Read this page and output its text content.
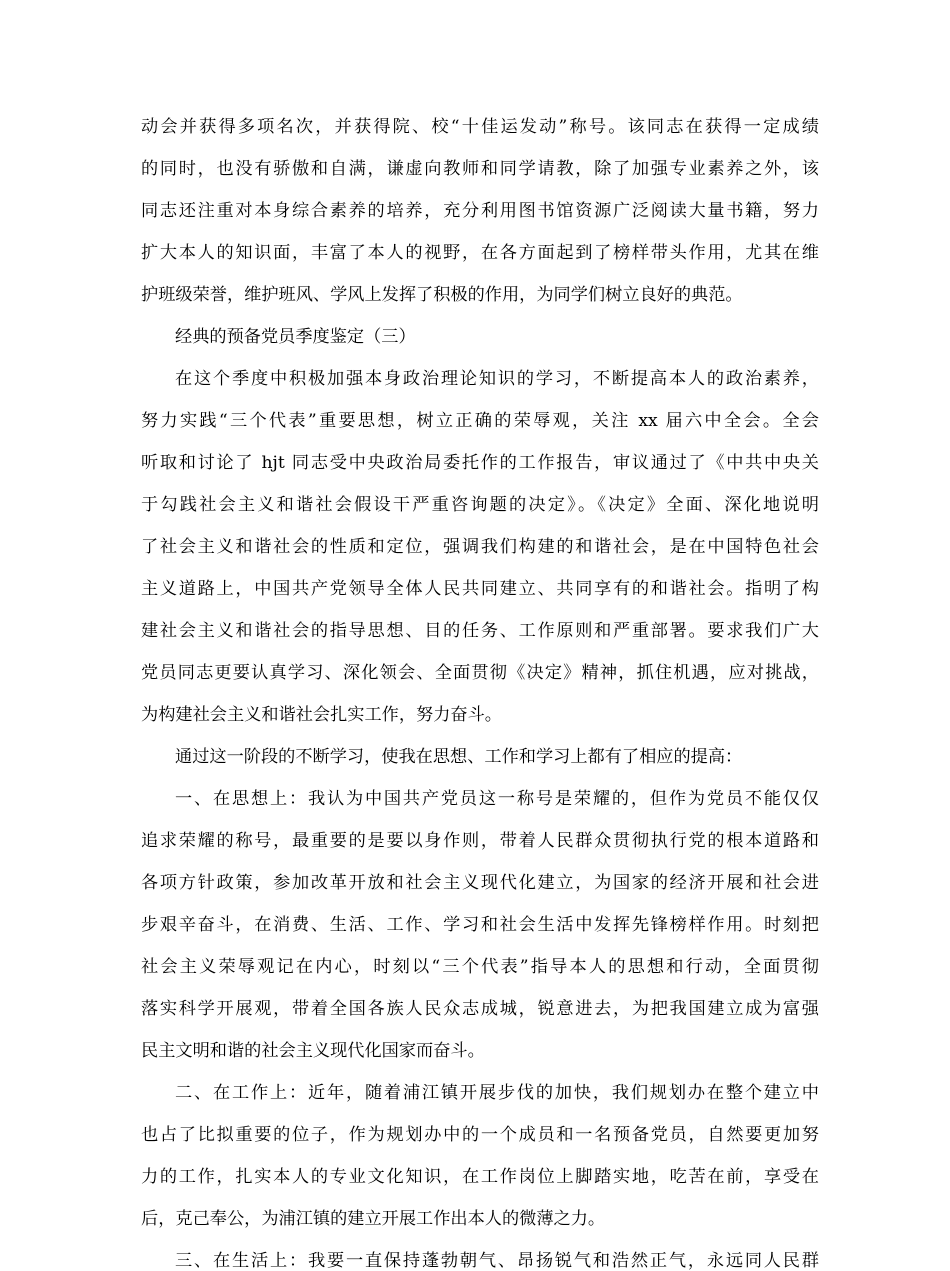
动会并获得多项名次，并获得院、校“十佳运发动”称号。该同志在获得一定成绩
的同时，也没有骄傲和自满，谦虚向教师和同学请教，除了加强专业素养之外，该
同志还注重对本身综合素养的培养，充分利用图书馆资源广泛阅读大量书籍，努力
扩大本人的知识面，丰富了本人的视野，在各方面起到了榜样带头作用，尤其在维
护班级荣誉，维护班风、学风上发挥了积极的作用，为同学们树立良好的典范。
经典的预备党员季度鉴定（三）
在这个季度中积极加强本身政治理论知识的学习，不断提高本人的政治素养，
努力实践“三个代表”重要思想，树立正确的荣辱观，关注 xx 届六中全会。全会
听取和讨论了 hjt 同志受中央政治局委托作的工作报告，审议通过了《中共中央关
于勾践社会主义和谐社会假设干严重咨询题的决定》。《决定》全面、深化地说明
了社会主义和谐社会的性质和定位，强调我们构建的和谐社会，是在中国特色社会
主义道路上，中国共产党领导全体人民共同建立、共同享有的和谐社会。指明了构
建社会主义和谐社会的指导思想、目的任务、工作原则和严重部署。要求我们广大
党员同志更要认真学习、深化领会、全面贯彻《决定》精神，抓住机遇，应对挑战，
为构建社会主义和谐社会扎实工作，努力奋斗。
通过这一阶段的不断学习，使我在思想、工作和学习上都有了相应的提高：
一、在思想上：我认为中国共产党员这一称号是荣耀的，但作为党员不能仅仅
追求荣耀的称号，最重要的是要以身作则，带着人民群众贯彻执行党的根本道路和
各项方针政策，参加改革开放和社会主义现代化建立，为国家的经济开展和社会进
步艰辛奋斗，在消费、生活、工作、学习和社会生活中发挥先锋榜样作用。时刻把
社会主义荣辱观记在内心，时刻以“三个代表”指导本人的思想和行动，全面贯彻
落实科学开展观，带着全国各族人民众志成城，锐意进去，为把我国建立成为富强
民主文明和谐的社会主义现代化国家而奋斗。
二、在工作上：近年，随着浦江镇开展步伐的加快，我们规划办在整个建立中
也占了比拟重要的位子，作为规划办中的一个成员和一名预备党员，自然要更加努
力的工作，扎实本人的专业文化知识，在工作岗位上脚踏实地，吃苦在前，享受在
后，克己奉公，为浦江镇的建立开展工作出本人的微薄之力。
三、在生活上：我要一直保持蓬勃朝气、昂扬锐气和浩然正气，永远同人民群
